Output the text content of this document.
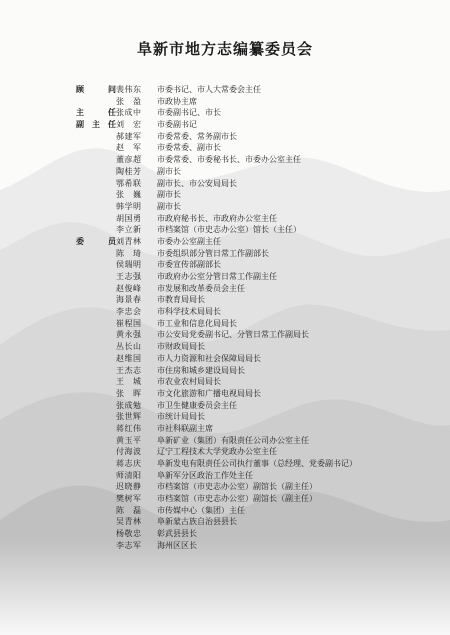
阜新市地方志编纂委员会
顾　问 裴伟东	市委书记、市人大常委会主任
张　盈	市政协主席
主　任 张成中	市委副书记、市长
副主任 刘　宏	市委副书记
郝建军	市委常委、常务副市长
赵　军	市委常委、副市长
董彦超	市委常委、市委秘书长、市委办公室主任
陶桂芳	副市长
鄂希联	副市长、市公安局局长
张　巍	副市长
韩学明	副市长
胡国勇	市政府秘书长、市政府办公室主任
李立新	市档案馆（市史志办公室）馆长（主任）
委　员 刘青林	市委办公室副主任
陈　琦	市委组织部分管日常工作副部长
侯瑞明	市委宣传部副部长
王志强	市政府办公室分管日常工作副主任
赵俊峰	市发展和改革委员会主任
海景春	市教育局局长
李忠会	市科学技术局局长
崔程国	市工业和信息化局局长
黄永强	市公安局党委副书记、分管日常工作副局长
丛长山	市财政局局长
赵维国	市人力资源和社会保障局局长
王杰志	市住房和城乡建设局局长
王　城	市农业农村局局长
张　晖	市文化旅游和广播电视局局长
张成勉	市卫生健康委员会主任
张世辉	市统计局局长
蒋红伟	市社科联副主席
黄玉平	阜新矿业（集团）有限责任公司办公室主任
付海波	辽宁工程技术大学党政办公室主任
蒋志庆	阜新发电有限责任公司执行董事（总经理、党委副书记）
师清阳	阜新军分区政治工作处主任
迟晓静	市档案馆（市史志办公室）副馆长（副主任）
樊树军	市档案馆（市史志办公室）副馆长（副主任）
陈　磊	市传媒中心（集团）主任
吴青林	阜新蒙古族自治县县长
杨敬忠	彰武县县长
李志军	海州区区长
